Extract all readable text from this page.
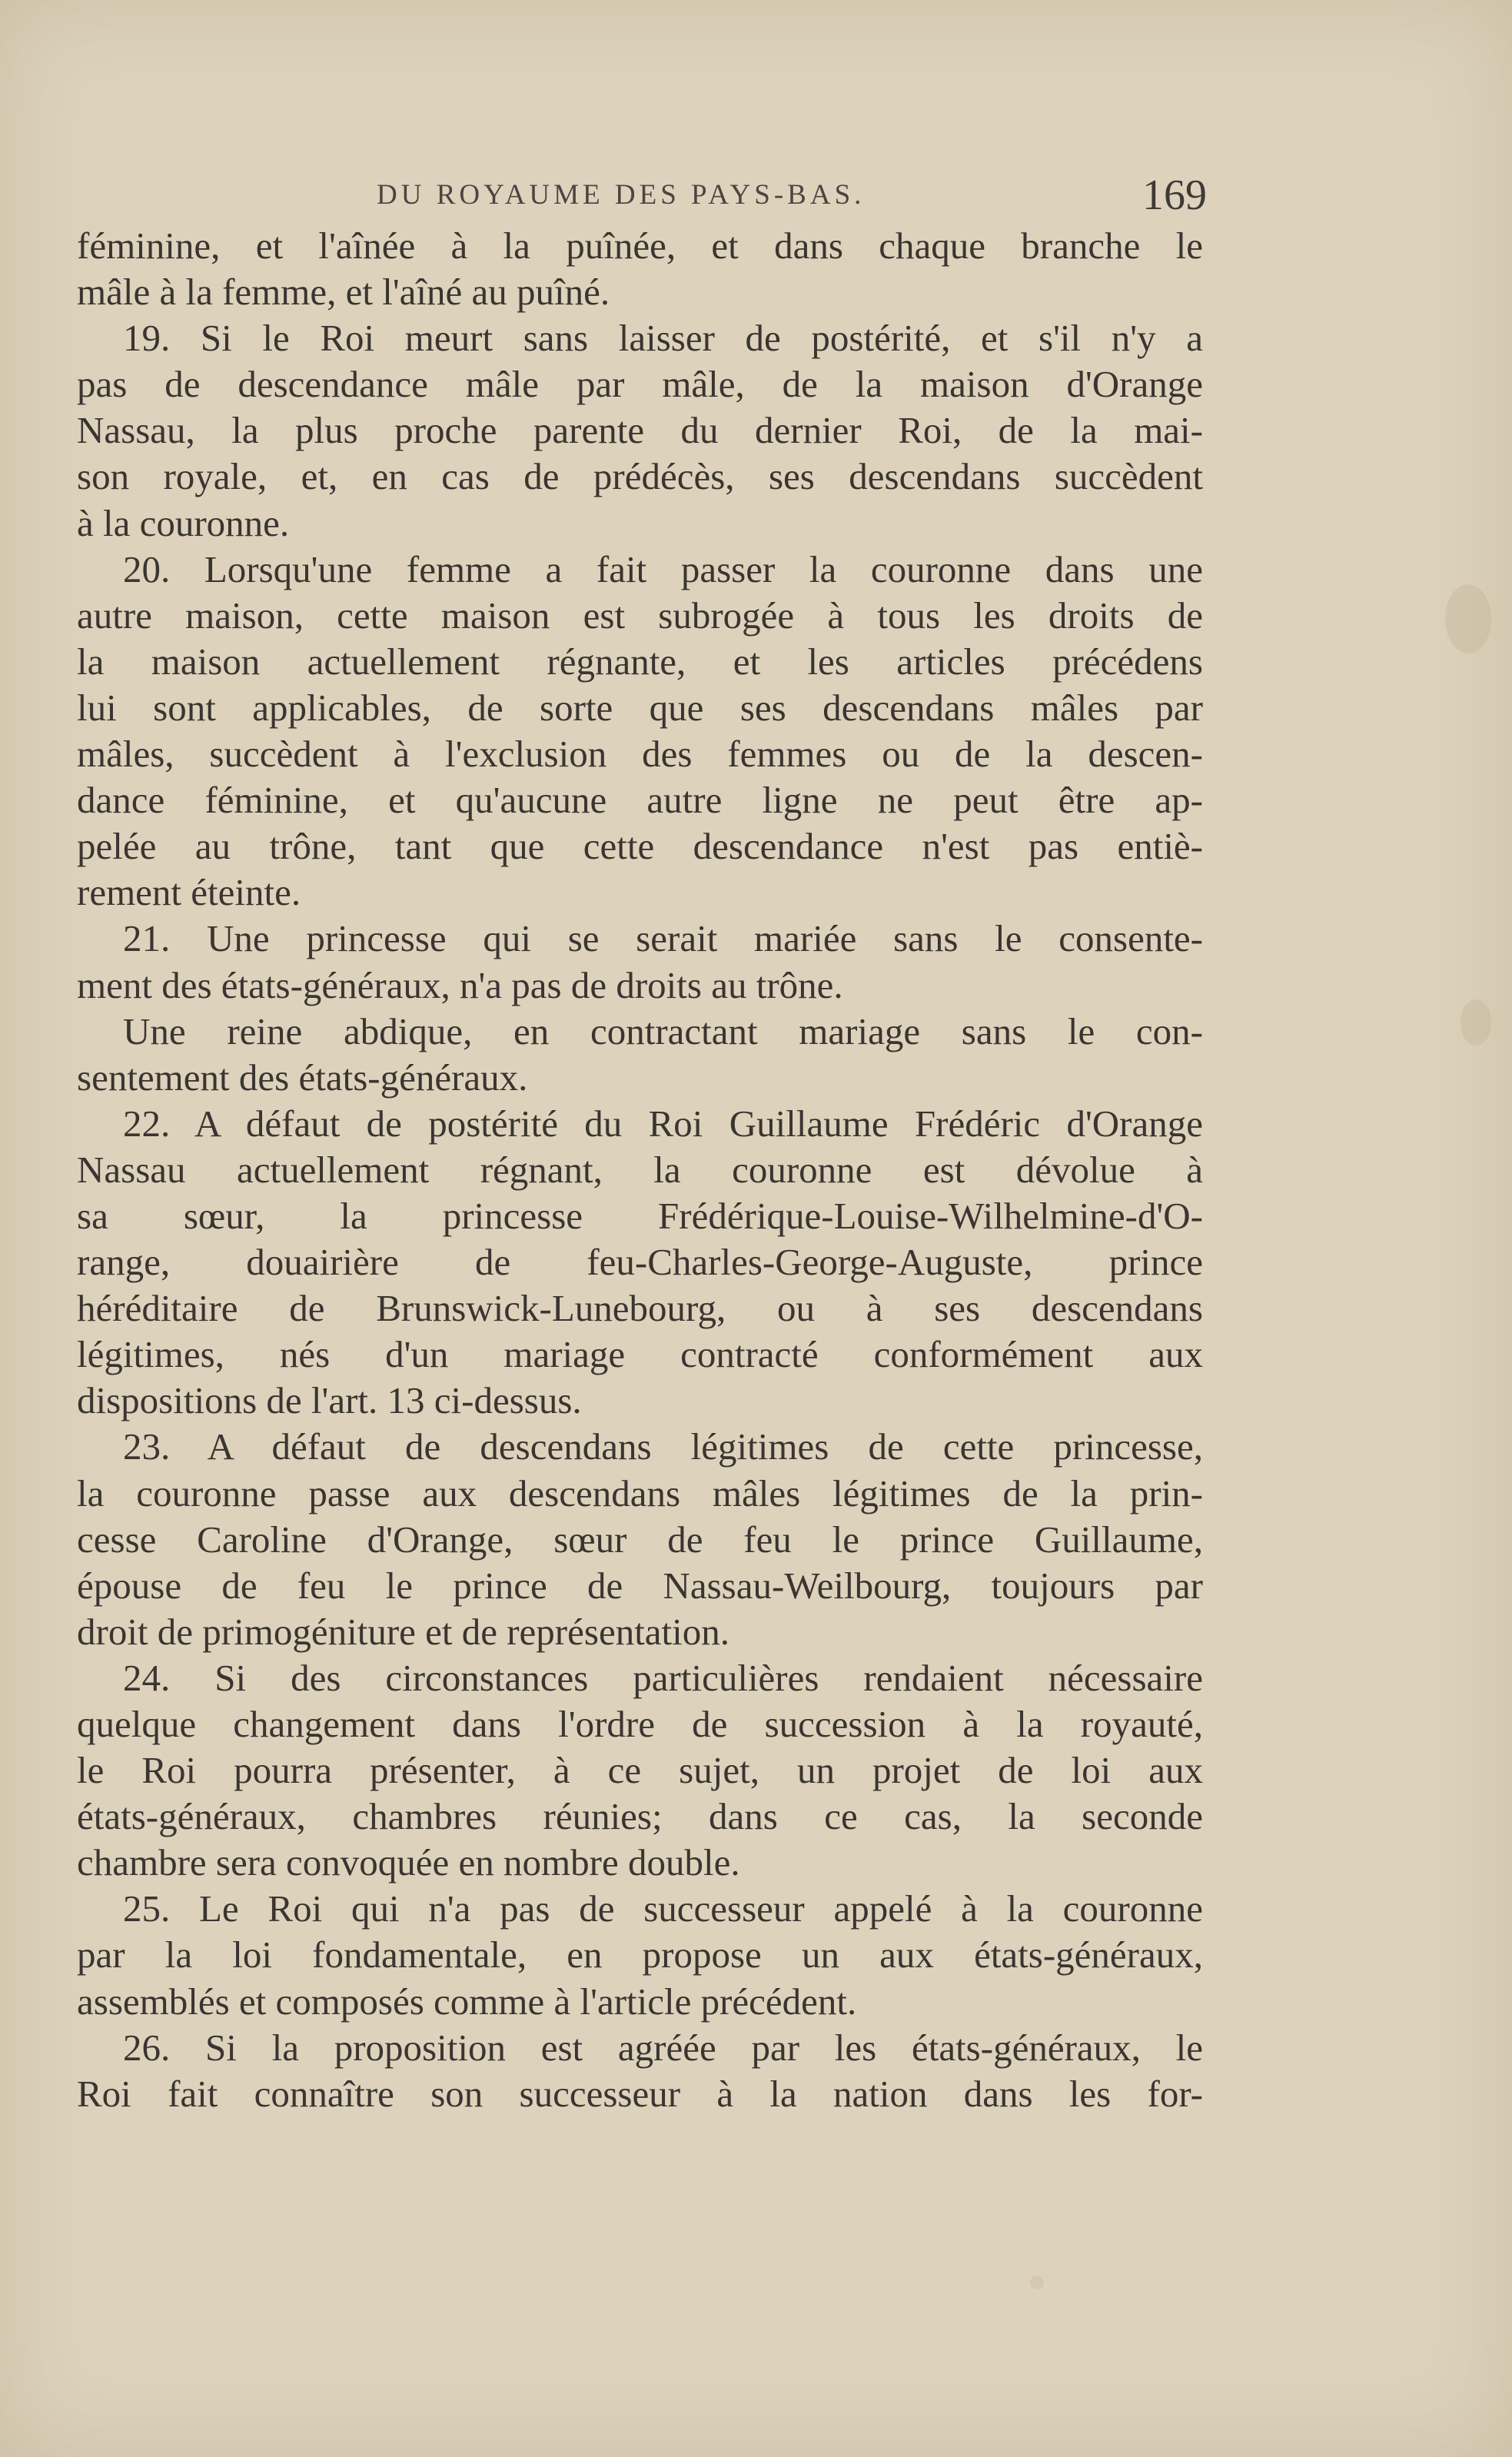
DU ROYAUME DES PAYS-BAS.	169
féminine, et l'aînée à la puînée, et dans chaque branche le
mâle à la femme, et l'aîné au puîné.
19. Si le Roi meurt sans laisser de postérité, et s'il n'y a
pas de descendance mâle par mâle, de la maison d'Orange
Nassau, la plus proche parente du dernier Roi, de la mai-
son royale, et, en cas de prédécès, ses descendans succèdent
à la couronne.
20. Lorsqu'une femme a fait passer la couronne dans une
autre maison, cette maison est subrogée à tous les droits de
la maison actuellement régnante, et les articles précédens
lui sont applicables, de sorte que ses descendans mâles par
mâles, succèdent à l'exclusion des femmes ou de la descen-
dance féminine, et qu'aucune autre ligne ne peut être ap-
pelée au trône, tant que cette descendance n'est pas entiè-
rement éteinte.
21. Une princesse qui se serait mariée sans le consente-
ment des états-généraux, n'a pas de droits au trône.
Une reine abdique, en contractant mariage sans le con-
sentement des états-généraux.
22. A défaut de postérité du Roi Guillaume Frédéric d'Orange
Nassau actuellement régnant, la couronne est dévolue à
sa sœur, la princesse Frédérique-Louise-Wilhelmine-d'O-
range, douairière de feu-Charles-George-Auguste, prince
héréditaire de Brunswick-Lunebourg, ou à ses descendans
légitimes, nés d'un mariage contracté conformément aux
dispositions de l'art. 13 ci-dessus.
23. A défaut de descendans légitimes de cette princesse,
la couronne passe aux descendans mâles légitimes de la prin-
cesse Caroline d'Orange, sœur de feu le prince Guillaume,
épouse de feu le prince de Nassau-Weilbourg, toujours par
droit de primogéniture et de représentation.
24. Si des circonstances particulières rendaient nécessaire
quelque changement dans l'ordre de succession à la royauté,
le Roi pourra présenter, à ce sujet, un projet de loi aux
états-généraux, chambres réunies; dans ce cas, la seconde
chambre sera convoquée en nombre double.
25. Le Roi qui n'a pas de successeur appelé à la couronne
par la loi fondamentale, en propose un aux états-généraux,
assemblés et composés comme à l'article précédent.
26. Si la proposition est agréée par les états-généraux, le
Roi fait connaître son successeur à la nation dans les for-
